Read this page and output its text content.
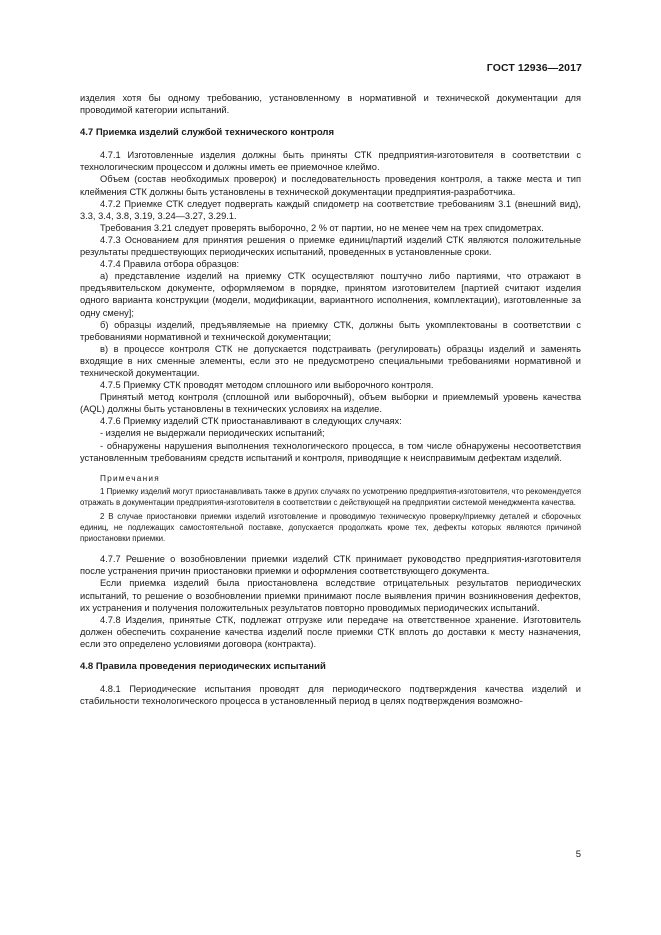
ГОСТ 12936—2017

изделия хотя бы одному требованию, установленному в нормативной и технической документации для проводимой категории испытаний.

4.7 Приемка изделий службой технического контроля

4.7.1 Изготовленные изделия должны быть приняты СТК предприятия-изготовителя в соответствии с технологическим процессом и должны иметь ее приемочное клеймо.

Объем (состав необходимых проверок) и последовательность проведения контроля, а также места и тип клеймения СТК должны быть установлены в технической документации предприятия-разработчика.

4.7.2 Приемке СТК следует подвергать каждый спидометр на соответствие требованиям 3.1 (внешний вид), 3.3, 3.4, 3.8, 3.19, 3.24—3.27, 3.29.1.

Требования 3.21 следует проверять выборочно, 2 % от партии, но не менее чем на трех спидометрах.

4.7.3 Основанием для принятия решения о приемке единиц/партий изделий СТК являются положительные результаты предшествующих периодических испытаний, проведенных в установленные сроки.

4.7.4 Правила отбора образцов:

а) представление изделий на приемку СТК осуществляют поштучно либо партиями, что отражают в предъявительском документе, оформляемом в порядке, принятом изготовителем [партией считают изделия одного варианта конструкции (модели, модификации, вариантного исполнения, комплектации), изготовленные за одну смену];

б) образцы изделий, предъявляемые на приемку СТК, должны быть укомплектованы в соответствии с требованиями нормативной и технической документации;

в) в процессе контроля СТК не допускается подстраивать (регулировать) образцы изделий и заменять входящие в них сменные элементы, если это не предусмотрено специальными требованиями нормативной и технической документации.

4.7.5 Приемку СТК проводят методом сплошного или выборочного контроля.

Принятый метод контроля (сплошной или выборочный), объем выборки и приемлемый уровень качества (AQL) должны быть установлены в технических условиях на изделие.

4.7.6 Приемку изделий СТК приостанавливают в следующих случаях:

- изделия не выдержали периодических испытаний;

- обнаружены нарушения выполнения технологического процесса, в том числе обнаружены несоответствия установленным требованиям средств испытаний и контроля, приводящие к неисправимым дефектам изделий.

Примечания

1 Приемку изделий могут приостанавливать также в других случаях по усмотрению предприятия-изготовителя, что рекомендуется отражать в документации предприятия-изготовителя в соответствии с действующей на предприятии системой менеджмента качества.

2 В случае приостановки приемки изделий изготовление и проводимую техническую проверку/приемку деталей и сборочных единиц, не подлежащих самостоятельной поставке, допускается продолжать кроме тех, дефекты которых являются причиной приостановки приемки.

4.7.7 Решение о возобновлении приемки изделий СТК принимает руководство предприятия-изготовителя после устранения причин приостановки приемки и оформления соответствующего документа.

Если приемка изделий была приостановлена вследствие отрицательных результатов периодических испытаний, то решение о возобновлении приемки принимают после выявления причин возникновения дефектов, их устранения и получения положительных результатов повторно проводимых периодических испытаний.

4.7.8 Изделия, принятые СТК, подлежат отгрузке или передаче на ответственное хранение. Изготовитель должен обеспечить сохранение качества изделий после приемки СТК вплоть до доставки к месту назначения, если это определено условиями договора (контракта).

4.8 Правила проведения периодических испытаний

4.8.1 Периодические испытания проводят для периодического подтверждения качества изделий и стабильности технологического процесса в установленный период в целях подтверждения возможно-

5
